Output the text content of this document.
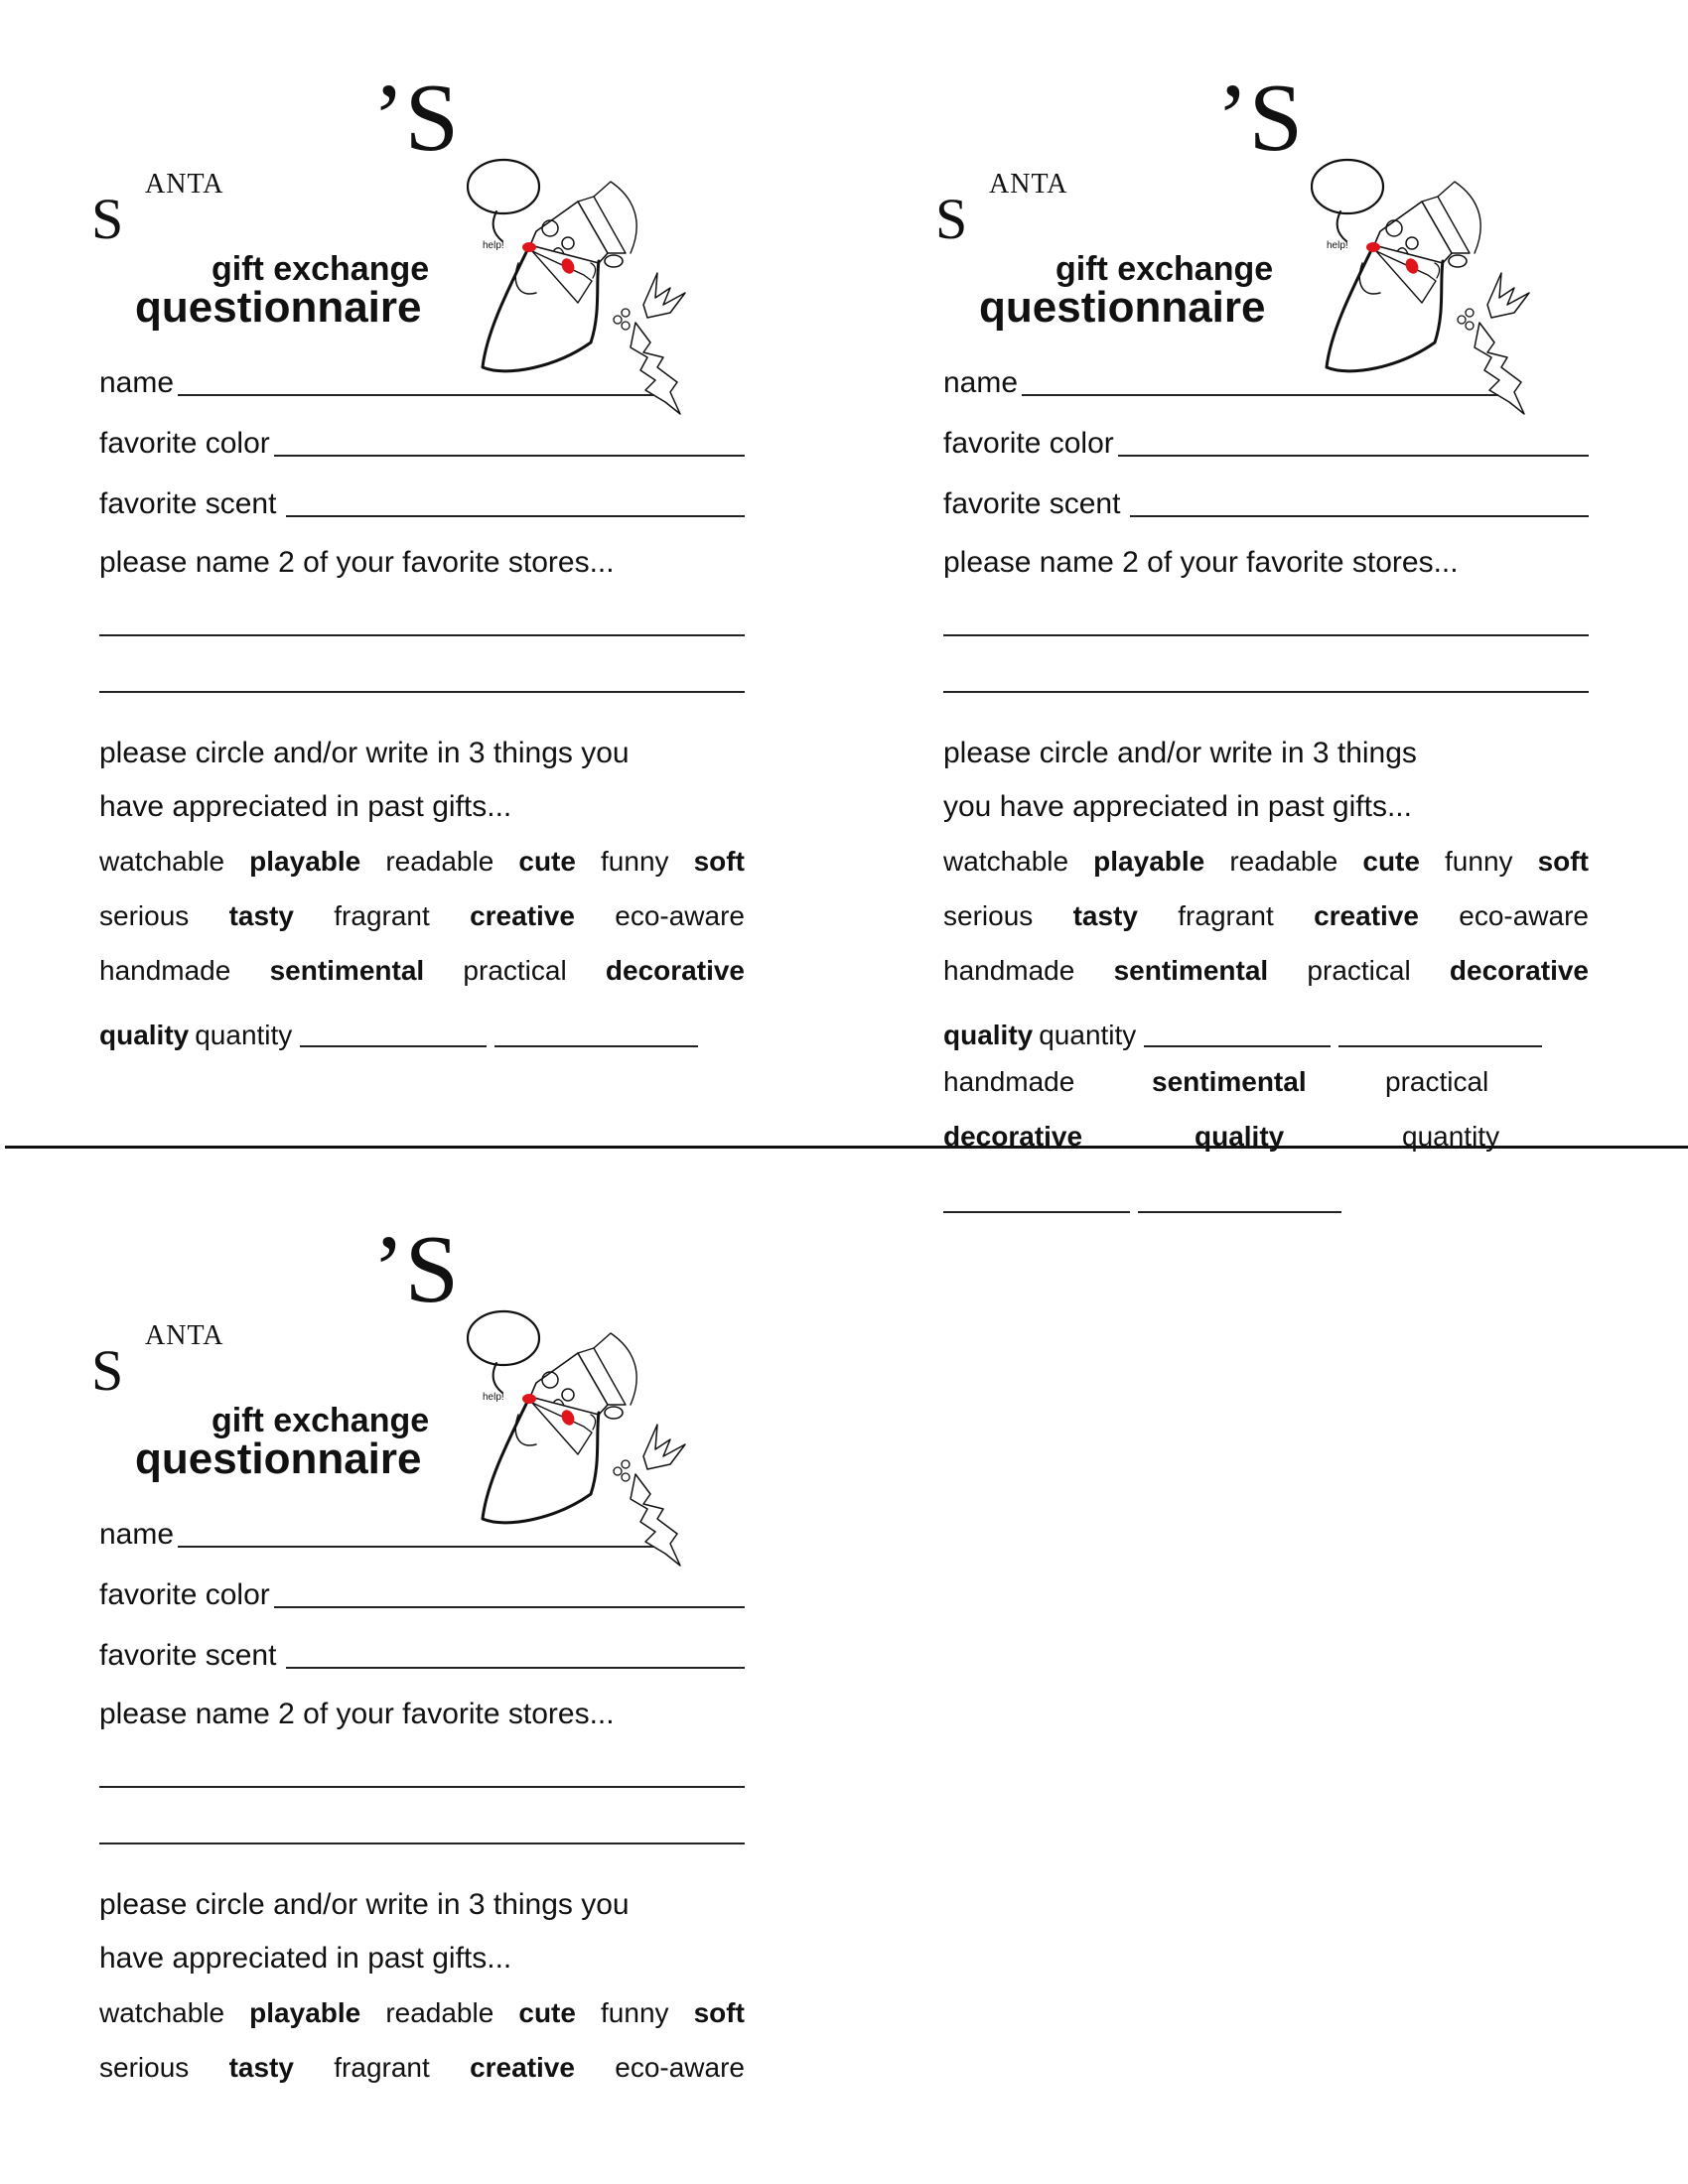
’S
ANTA
S
gift exchange
questionnaire
help!
name
favorite color
favorite scent
please name 2 of your favorite stores...
please circle and/or write in 3 things you
have appreciated in past gifts...
watchable playable readable cute funny soft
serious tasty fragrant creative eco-aware
handmade sentimental practical decorative
quality quantity
’S
ANTA
S
gift exchange
questionnaire
help!
name
favorite color
favorite scent
please name 2 of your favorite stores...
please circle and/or write in 3 things
you have appreciated in past gifts...
watchable playable readable cute funny soft
serious tasty fragrant creative eco-aware
handmade sentimental practical decorative
quality quantity
handmade	sentimental	practical
decorative	quality	quantity
’S
ANTA
S
gift exchange
questionnaire
help!
name
favorite color
favorite scent
please name 2 of your favorite stores...
please circle and/or write in 3 things you
have appreciated in past gifts...
watchable playable readable cute funny soft
serious tasty fragrant creative eco-aware
